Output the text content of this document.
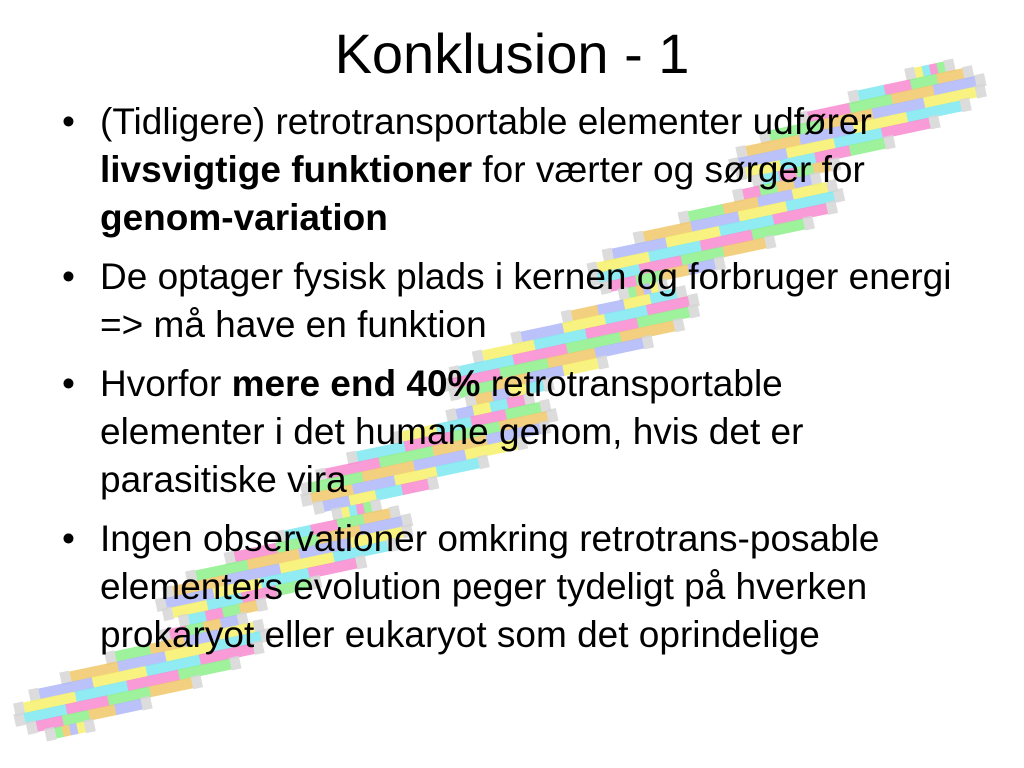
Konklusion - 1
• (Tidligere) retrotransportable elementer udfører livsvigtige funktioner for værter og sørger for genom-variation
• De optager fysisk plads i kernen og forbruger energi => må have en funktion
• Hvorfor mere end 40% retrotransportable elementer i det humane genom, hvis det er parasitiske vira
• Ingen observationer omkring retrotrans-posable elementers evolution peger tydeligt på hverken prokaryot eller eukaryot som det oprindelige
